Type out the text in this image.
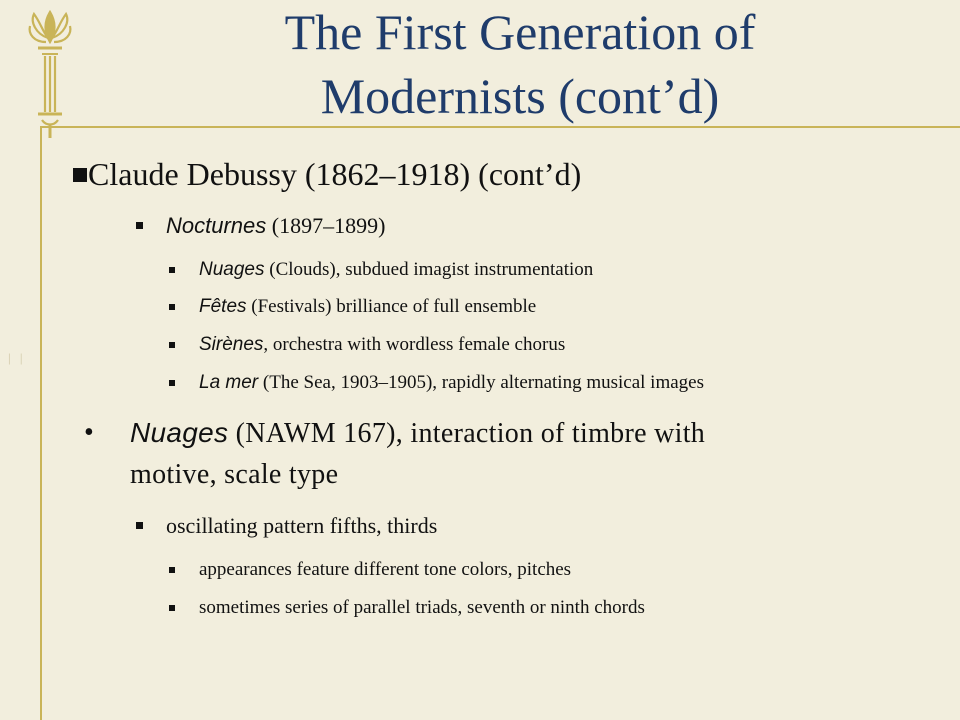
| |
The First Generation of
Modernists (cont’d)
Claude Debussy (1862–1918) (cont’d)
Nocturnes (1897–1899)
Nuages (Clouds), subdued imagist instrumentation
Fêtes (Festivals) brilliance of full ensemble
Sirènes, orchestra with wordless female chorus
La mer (The Sea, 1903–1905), rapidly alternating musical images
• Nuages (NAWM 167), interaction of timbre with
motive, scale type
oscillating pattern fifths, thirds
appearances feature different tone colors, pitches
sometimes series of parallel triads, seventh or ninth chords
